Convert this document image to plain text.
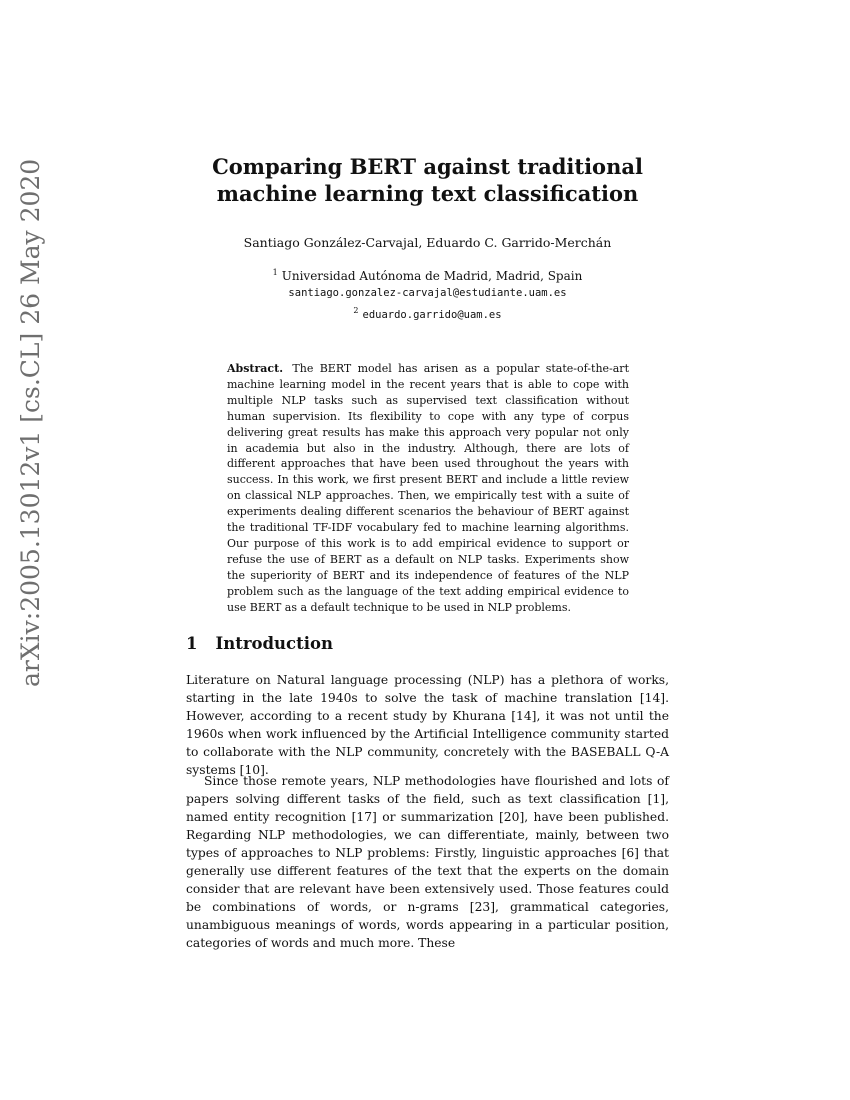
arXiv:2005.13012v1 [cs.CL] 26 May 2020	Comparing BERT against traditional machine learning text classification
Santiago González-Carvajal, Eduardo C. Garrido-Merchán
$^1$ Universidad Autónoma de Madrid, Madrid, Spain
santiago.gonzalez-carvajal@estudiante.uam.es
$^2$ eduardo.garrido@uam.es

Abstract. The BERT model has arisen as a popular state-of-the-art machine learning model in the recent years that is able to cope with multiple NLP tasks such as supervised text classification without human supervision. Its flexibility to cope with any type of corpus delivering great results has make this approach very popular not only in academia but also in the industry. Although, there are lots of different approaches that have been used throughout the years with success. In this work, we first present BERT and include a little review on classical NLP approaches. Then, we empirically test with a suite of experiments dealing different scenarios the behaviour of BERT against the traditional TF-IDF vocabulary fed to machine learning algorithms. Our purpose of this work is to add empirical evidence to support or refuse the use of BERT as a default on NLP tasks. Experiments show the superiority of BERT and its independence of features of the NLP problem such as the language of the text adding empirical evidence to use BERT as a default technique to be used in NLP problems.

1 Introduction

Literature on Natural language processing (NLP) has a plethora of works, starting in the late 1940s to solve the task of machine translation [14]. However, according to a recent study by Khurana [14], it was not until the 1960s when work influenced by the Artificial Intelligence community started to collaborate with the NLP community, concretely with the BASEBALL Q-A systems [10].

Since those remote years, NLP methodologies have flourished and lots of papers solving different tasks of the field, such as text classification [1], named entity recognition [17] or summarization [20], have been published. Regarding NLP methodologies, we can differentiate, mainly, between two types of approaches to NLP problems: Firstly, linguistic approaches [6] that generally use different features of the text that the experts on the domain consider that are relevant have been extensively used. Those features could be combinations of words, or n-grams [23], grammatical categories, unambiguous meanings of words, words appearing in a particular position, categories of words and much more. These
